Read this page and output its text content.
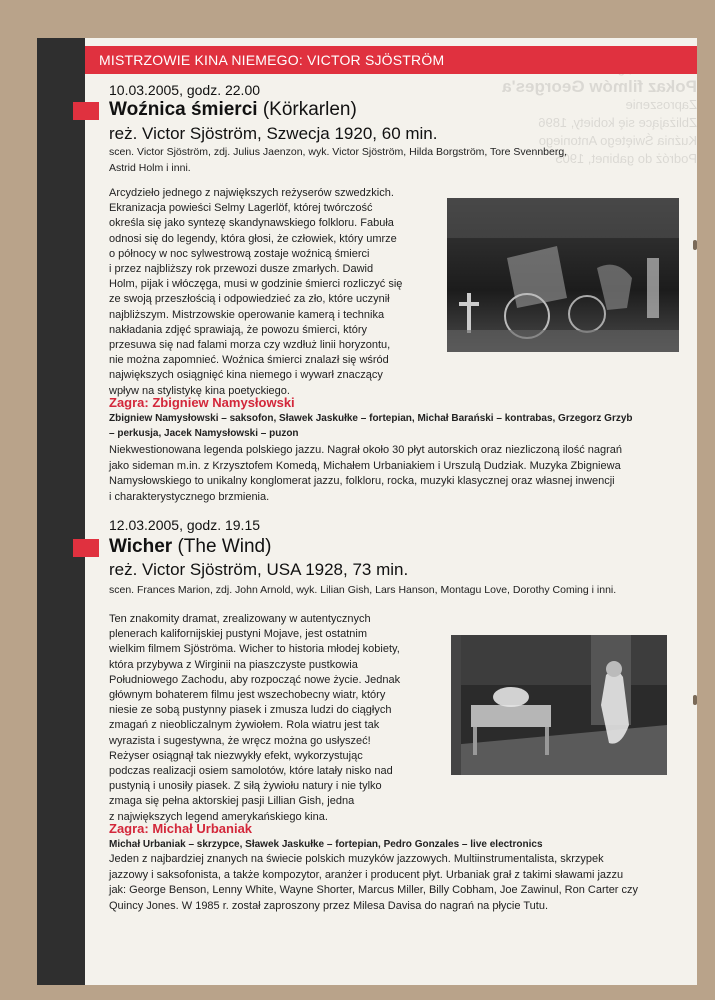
Pokaz filmów Georges'a
Zaproszenie
Zbliżające się kobiety, 1896
Kuźnia Świętego Antoniego
Podróż do gabinet, 1905
MISTRZOWIE KINA NIEMEGO: VICTOR SJÖSTRÖM
10.03.2005, godz. 22.00
Woźnica śmierci (Körkarlen)
reż. Victor Sjöström, Szwecja 1920, 60 min.
scen. Victor Sjöström, zdj. Julius Jaenzon, wyk. Victor Sjöström, Hilda Borgström, Tore Svennberg,
Astrid Holm i inni.

Arcydzieło jednego z największych reżyserów szwedzkich.

Ekranizacja powieści Selmy Lagerlöf, której twórczość

określa się jako syntezę skandynawskiego folkloru. Fabuła

odnosi się do legendy, która głosi, że człowiek, który umrze

o północy w noc sylwestrową zostaje woźnicą śmierci

i przez najbliższy rok przewozi dusze zmarłych. Dawid

Holm, pijak i włóczęga, musi w godzinie śmierci rozliczyć się

ze swoją przeszłością i odpowiedzieć za zło, które uczynił

najbliższym. Mistrzowskie operowanie kamerą i technika

nakładania zdjęć sprawiają, że powozu śmierci, który

przesuwa się nad falami morza czy wzdłuż linii horyzontu,

nie można zapomnieć. Woźnica śmierci znalazł się wśród

największych osiągnięć kina niemego i wywarł znaczący

wpływ na stylistykę kina poetyckiego.

Zagra: Zbigniew Namysłowski
Zbigniew Namysłowski – saksofon, Sławek Jaskułke – fortepian, Michał Barański – kontrabas, Grzegorz Grzyb
– perkusja, Jacek Namysłowski – puzon
Niekwestionowana legenda polskiego jazzu. Nagrał około 30 płyt autorskich oraz niezliczoną ilość nagrań
jako sideman m.in. z Krzysztofem Komedą, Michałem Urbaniakiem i Urszulą Dudziak. Muzyka Zbigniewa
Namysłowskiego to unikalny konglomerat jazzu, folkloru, rocka, muzyki klasycznej oraz własnej inwencji
i charakterystycznego brzmienia.
12.03.2005, godz. 19.15
Wicher (The Wind)
reż. Victor Sjöström, USA 1928, 73 min.
scen. Frances Marion, zdj. John Arnold, wyk. Lilian Gish, Lars Hanson, Montagu Love, Dorothy Coming i inni.

Ten znakomity dramat, zrealizowany w autentycznych

plenerach kalifornijskiej pustyni Mojave, jest ostatnim

wielkim filmem Sjöströma. Wicher to historia młodej kobiety,

która przybywa z Wirginii na piaszczyste pustkowia

Południowego Zachodu, aby rozpocząć nowe życie. Jednak

głównym bohaterem filmu jest wszechobecny wiatr, który

niesie ze sobą pustynny piasek i zmusza ludzi do ciągłych

zmagań z nieobliczalnym żywiołem. Rola wiatru jest tak

wyrazista i sugestywna, że wręcz można go usłyszeć!

Reżyser osiągnął tak niezwykły efekt, wykorzystując

podczas realizacji osiem samolotów, które latały nisko nad

pustynią i unosiły piasek. Z siłą żywiołu natury i nie tylko

zmaga się pełna aktorskiej pasji Lillian Gish, jedna

z największych legend amerykańskiego kina.

Zagra: Michał Urbaniak
Michał Urbaniak – skrzypce, Sławek Jaskułke – fortepian, Pedro Gonzales – live electronics
Jeden z najbardziej znanych na świecie polskich muzyków jazzowych. Multiinstrumentalista, skrzypek
jazzowy i saksofonista, a także kompozytor, aranżer i producent płyt. Urbaniak grał z takimi sławami jazzu
jak: George Benson, Lenny White, Wayne Shorter, Marcus Miller, Billy Cobham, Joe Zawinul, Ron Carter czy
Quincy Jones. W 1985 r. został zaproszony przez Milesa Davisa do nagrań na płycie Tutu.
